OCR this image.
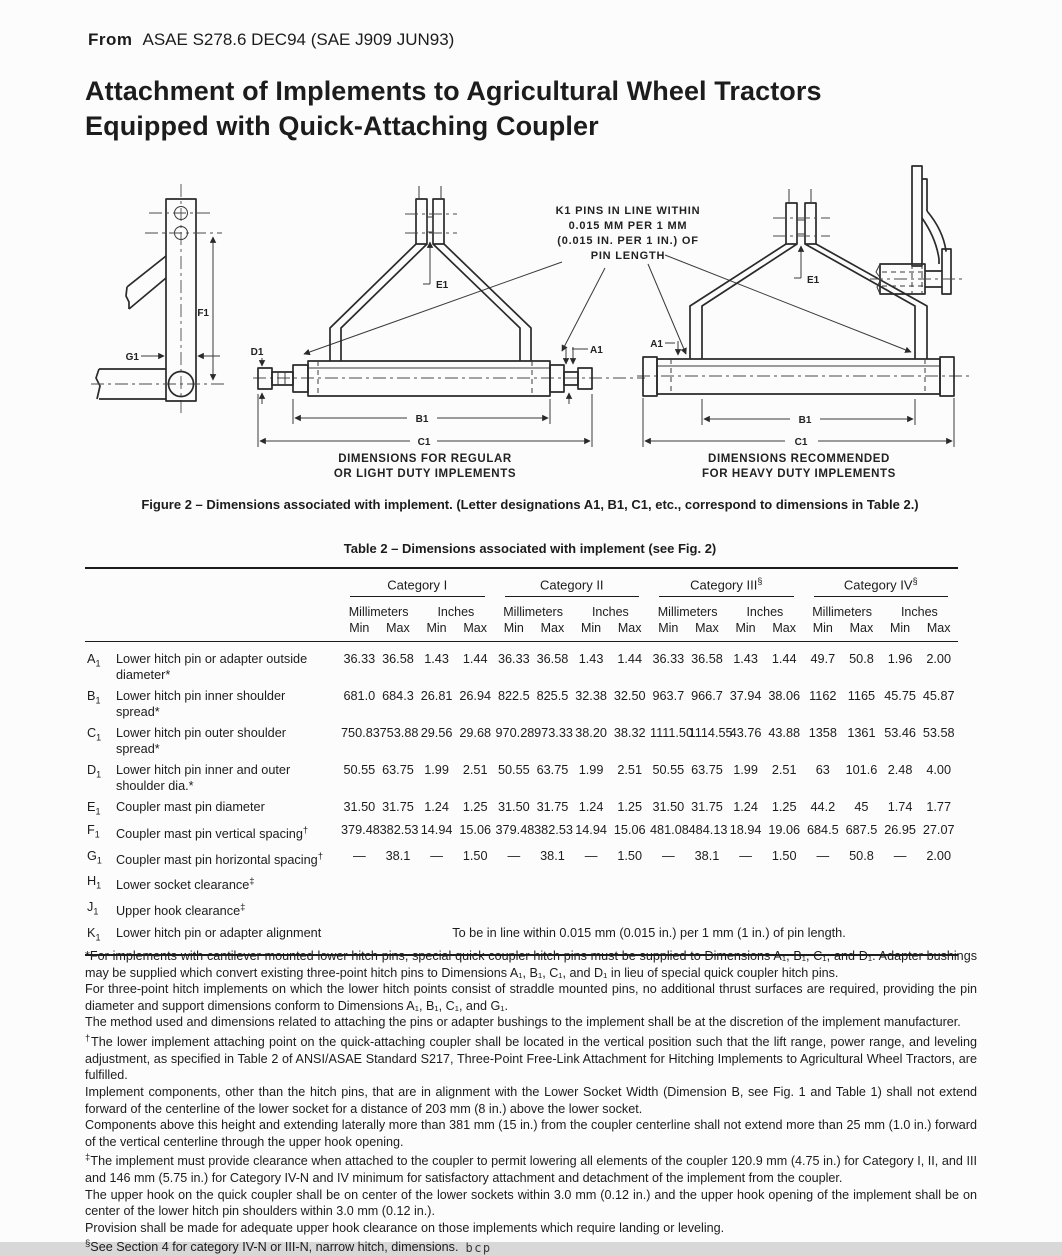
From ASAE S278.6 DEC94 (SAE J909 JUN93)
Attachment of Implements to Agricultural Wheel Tractors
Equipped with Quick-Attaching Coupler
F1
G1
K1 PINS IN LINE WITHIN
0.015 MM PER 1 MM
(0.015 IN. PER 1 IN.) OF
PIN LENGTH
E1
D1	A1
B1
C1
DIMENSIONS FOR REGULAR
OR LIGHT DUTY IMPLEMENTS
E1
A1
B1
C1
DIMENSIONS RECOMMENDED
FOR HEAVY DUTY IMPLEMENTS
Figure 2 – Dimensions associated with implement. (Letter designations A1, B1, C1, etc., correspond to dimensions in Table 2.)
Table 2 – Dimensions associated with implement (see Fig. 2)

		Category I				Category II				Category III§				Category IV§

		Millimeters		Inches		Millimeters		Inches		Millimeters		Inches		Millimeters		Inches	
		Min	Max	Min	Max	Min	Max	Min	Max	Min	Max	Min	Max	Min	Max	Min	Max
$A_1$	Lower hitch pin or adapter outside diameter*	36.33	36.58	1.43	1.44	36.33	36.58	1.43	1.44	36.33	36.58	1.43	1.44	49.7	50.8	1.96	2.00
$B_1$	Lower hitch pin inner shoulder spread*	681.0	684.3	26.81	26.94	822.5	825.5	32.38	32.50	963.7	966.7	37.94	38.06	1162	1165	45.75	45.87
$C_1$	Lower hitch pin outer shoulder spread*	750.83	753.88	29.56	29.68	970.28	973.33	38.20	38.32	1111.50	1114.55	43.76	43.88	1358	1361	53.46	53.58
$D_1$	Lower hitch pin inner and outer shoulder dia.*	50.55	63.75	1.99	2.51	50.55	63.75	1.99	2.51	50.55	63.75	1.99	2.51	63	101.6	2.48	4.00
$E_1$	Coupler mast pin diameter	31.50	31.75	1.24	1.25	31.50	31.75	1.24	1.25	31.50	31.75	1.24	1.25	44.2	45	1.74	1.77
$F_1$	Coupler mast pin vertical spacing†	379.48	382.53	14.94	15.06	379.48	382.53	14.94	15.06	481.08	484.13	18.94	19.06	684.5	687.5	26.95	27.07
$G_1$	Coupler mast pin horizontal spacing†	—	38.1	—	1.50	—	38.1	—	1.50	—	38.1	—	1.50	—	50.8	—	2.00
$H_1$	Lower socket clearance‡	
$J_1$	Upper hook clearance‡	
$K_1$	Lower hitch pin or adapter alignment	To be in line within 0.015 mm (0.015 in.) per 1 mm (1 in.) of pin length.															

*For implements with cantilever mounted lower hitch pins, special quick coupler hitch pins must be supplied to Dimensions A₁, B₁, C₁, and D₁. Adapter bushings may be supplied which convert existing three-point hitch pins to Dimensions A₁, B₁, C₁, and D₁ in lieu of special quick coupler hitch pins.

For three-point hitch implements on which the lower hitch points consist of straddle mounted pins, no additional thrust surfaces are required, providing the pin diameter and support dimensions conform to Dimensions A₁, B₁, C₁, and G₁.

The method used and dimensions related to attaching the pins or adapter bushings to the implement shall be at the discretion of the implement manufacturer.

†The lower implement attaching point on the quick-attaching coupler shall be located in the vertical position such that the lift range, power range, and leveling adjustment, as specified in Table 2 of ANSI/ASAE Standard S217, Three-Point Free-Link Attachment for Hitching Implements to Agricultural Wheel Tractors, are fulfilled.

Implement components, other than the hitch pins, that are in alignment with the Lower Socket Width (Dimension B, see Fig. 1 and Table 1) shall not extend forward of the centerline of the lower socket for a distance of 203 mm (8 in.) above the lower socket.

Components above this height and extending laterally more than 381 mm (15 in.) from the coupler centerline shall not extend more than 25 mm (1.0 in.) forward of the vertical centerline through the upper hook opening.

‡The implement must provide clearance when attached to the coupler to permit lowering all elements of the coupler 120.9 mm (4.75 in.) for Category I, II, and III and 146 mm (5.75 in.) for Category IV-N and IV minimum for satisfactory attachment and detachment of the implement from the coupler.

The upper hook on the quick coupler shall be on center of the lower sockets within 3.0 mm (0.12 in.) and the upper hook opening of the implement shall be on center of the lower hitch pin shoulders within 3.0 mm (0.12 in.).

Provision shall be made for adequate upper hook clearance on those implements which require landing or leveling.

§See Section 4 for category IV-N or III-N, narrow hitch, dimensions. bcp
